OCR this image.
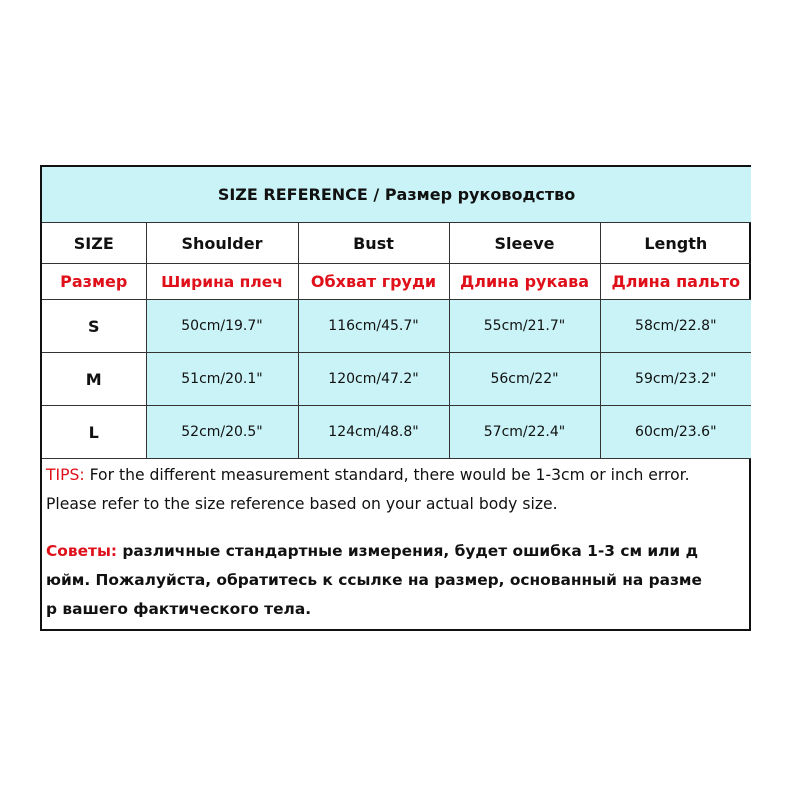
SIZE REFERENCE / Размер руководство				
SIZE	Shoulder	Bust	Sleeve	Length
Размер	Ширина плеч	Обхват груди	Длина рукава	Длина пальто
S	50cm/19.7"	116cm/45.7"	55cm/21.7"	58cm/22.8"
M	51cm/20.1"	120cm/47.2"	56cm/22"	59cm/23.2"
L	52cm/20.5"	124cm/48.8"	57cm/22.4"	60cm/23.6"
TIPS: For the different measurement standard, there would be 1-3cm or inch error.
Please refer to the size reference based on your actual body size.
Советы: различные стандартные измерения, будет ошибка 1-3 см или д
юйм. Пожалуйста, обратитесь к ссылке на размер, основанный на разме
р вашего фактического тела.
